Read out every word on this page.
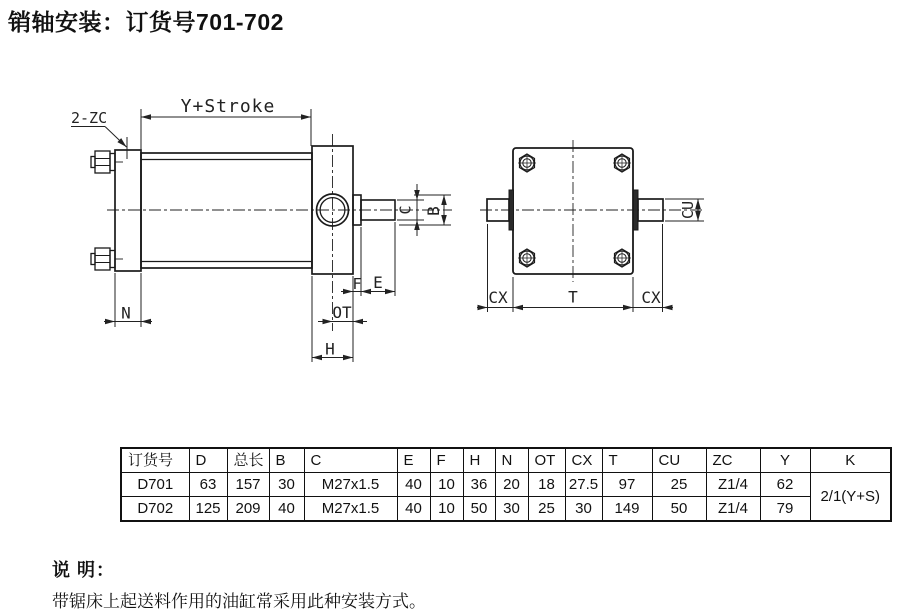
销轴安装：订货号701-702
Y+Stroke
2-ZC
C B
F E
OT
H
N
CX	T	CX
CU
订货号	D	总长	B	C	E	F	H	N	OT	CX	T	CU	ZC	Y	K
D701	63	157	30	M27x1.5	40	10	36	20	18	27.5	97	25	Z1/4	62	2/1(Y+S)
D702	125	209	40	M27x1.5	40	10	50	30	25	30	149	50	Z1/4	79	
说 明：
带锯床上起送料作用的油缸常采用此种安装方式。
